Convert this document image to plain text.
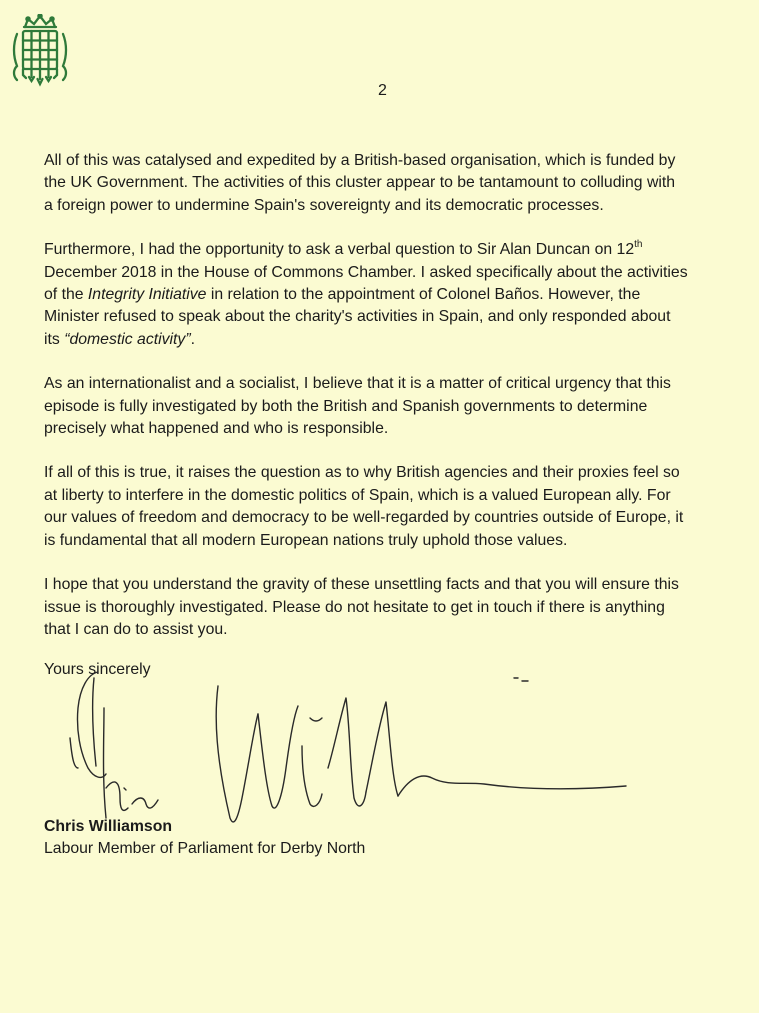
2

All of this was catalysed and expedited by a British-based organisation, which is funded by
the UK Government. The activities of this cluster appear to be tantamount to colluding with
a foreign power to undermine Spain's sovereignty and its democratic processes.

Furthermore, I had the opportunity to ask a verbal question to Sir Alan Duncan on 12th
December 2018 in the House of Commons Chamber. I asked specifically about the activities
of the Integrity Initiative in relation to the appointment of Colonel Baños. However, the
Minister refused to speak about the charity's activities in Spain, and only responded about
its “domestic activity”.

As an internationalist and a socialist, I believe that it is a matter of critical urgency that this
episode is fully investigated by both the British and Spanish governments to determine
precisely what happened and who is responsible.

If all of this is true, it raises the question as to why British agencies and their proxies feel so
at liberty to interfere in the domestic politics of Spain, which is a valued European ally. For
our values of freedom and democracy to be well-regarded by countries outside of Europe, it
is fundamental that all modern European nations truly uphold those values.

I hope that you understand the gravity of these unsettling facts and that you will ensure this
issue is thoroughly investigated. Please do not hesitate to get in touch if there is anything
that I can do to assist you.

Yours sincerely
Chris Williamson
Labour Member of Parliament for Derby North
